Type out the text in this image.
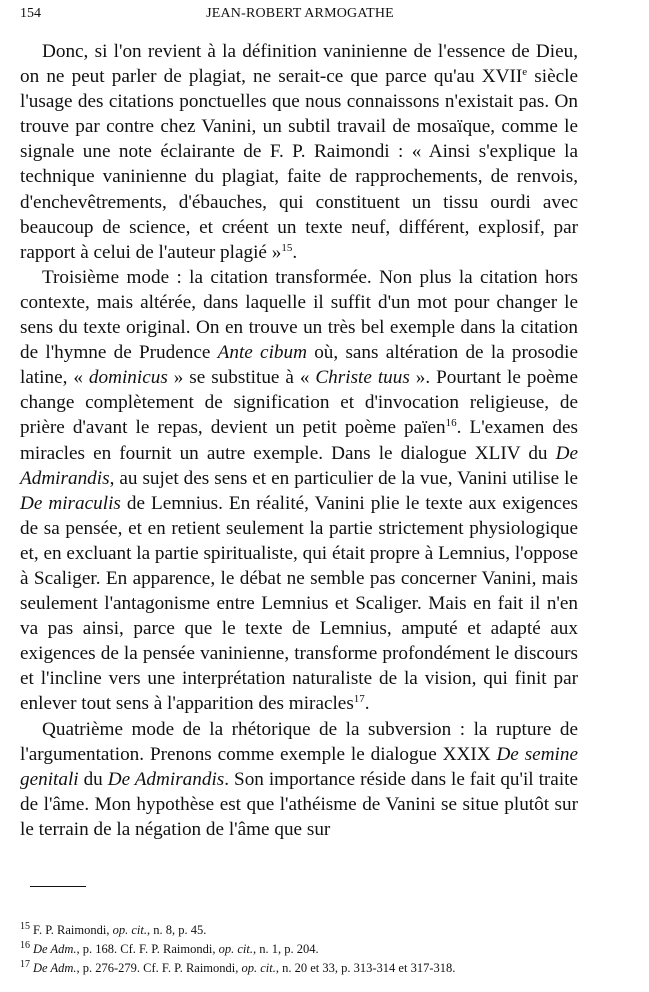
154	JEAN-ROBERT ARMOGATHE

Donc, si l'on revient à la définition vaninienne de l'essence de Dieu, on ne peut parler de plagiat, ne serait-ce que parce qu'au XVIIe siècle l'usage des citations ponctuelles que nous connaissons n'existait pas. On trouve par contre chez Vanini, un subtil travail de mosaïque, comme le signale une note éclairante de F. P. Raimondi : « Ainsi s'explique la technique vaninienne du plagiat, faite de rapprochements, de renvois, d'enchevêtrements, d'ébauches, qui constituent un tissu ourdi avec beaucoup de science, et créent un texte neuf, différent, explosif, par rapport à celui de l'auteur plagié »$^{15}$.

Troisième mode : la citation transformée. Non plus la citation hors contexte, mais altérée, dans laquelle il suffit d'un mot pour changer le sens du texte original. On en trouve un très bel exemple dans la citation de l'hymne de Prudence Ante cibum où, sans altération de la prosodie latine, « dominicus » se substitue à « Christe tuus ». Pourtant le poème change complètement de signification et d'invocation religieuse, de prière d'avant le repas, devient un petit poème païen$^{16}$. L'examen des miracles en fournit un autre exemple. Dans le dialogue XLIV du De Admirandis, au sujet des sens et en particulier de la vue, Vanini utilise le De miraculis de Lemnius. En réalité, Vanini plie le texte aux exigences de sa pensée, et en retient seulement la partie strictement physiologique et, en excluant la partie spiritualiste, qui était propre à Lemnius, l'oppose à Scaliger. En apparence, le débat ne semble pas concerner Vanini, mais seulement l'antagonisme entre Lemnius et Scaliger. Mais en fait il n'en va pas ainsi, parce que le texte de Lemnius, amputé et adapté aux exigences de la pensée vaninienne, transforme profondément le discours et l'incline vers une interprétation naturaliste de la vision, qui finit par enlever tout sens à l'apparition des miracles$^{17}$.

Quatrième mode de la rhétorique de la subversion : la rupture de l'argumentation. Prenons comme exemple le dialogue XXIX De semine genitali du De Admirandis. Son importance réside dans le fait qu'il traite de l'âme. Mon hypothèse est que l'athéisme de Vanini se situe plutôt sur le terrain de la négation de l'âme que sur

$^{15}$ F. P. Raimondi, op. cit., n. 8, p. 45.
$^{16}$ De Adm., p. 168. Cf. F. P. Raimondi, op. cit., n. 1, p. 204.
$^{17}$ De Adm., p. 276-279. Cf. F. P. Raimondi, op. cit., n. 20 et 33, p. 313-314 et 317-318.
